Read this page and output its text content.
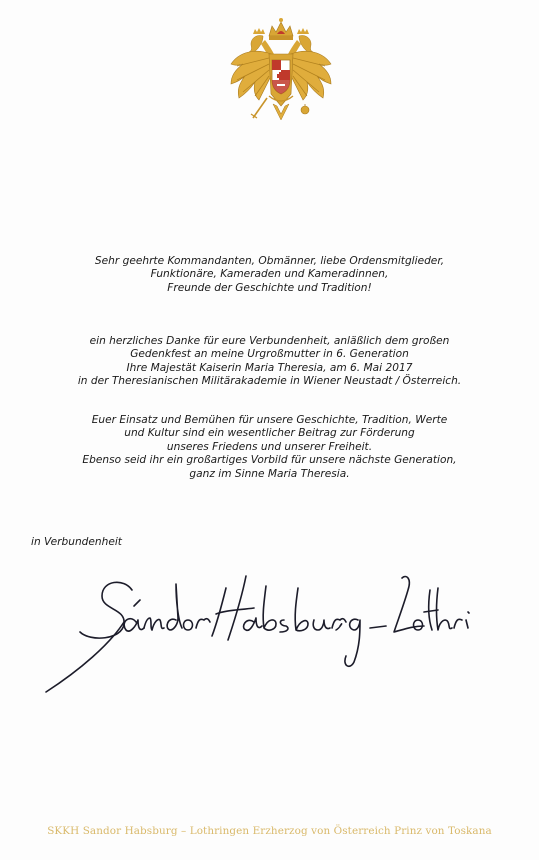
Sehr geehrte Kommandanten, Obmänner, liebe Ordensmitglieder,
Funktionäre, Kameraden und Kameradinnen,
Freunde der Geschichte und Tradition!
ein herzliches Danke für eure Verbundenheit, anläßlich dem großen
Gedenkfest an meine Urgroßmutter in 6. Generation
Ihre Majestät Kaiserin Maria Theresia, am 6. Mai 2017
in der Theresianischen Militärakademie in Wiener Neustadt / Österreich.
Euer Einsatz und Bemühen für unsere Geschichte, Tradition, Werte
und Kultur sind ein wesentlicher Beitrag zur Förderung
unseres Friedens und unserer Freiheit.
Ebenso seid ihr ein großartiges Vorbild für unsere nächste Generation,
ganz im Sinne Maria Theresia.
in Verbundenheit
SKKH Sandor Habsburg – Lothringen Erzherzog von Österreich Prinz von Toskana
